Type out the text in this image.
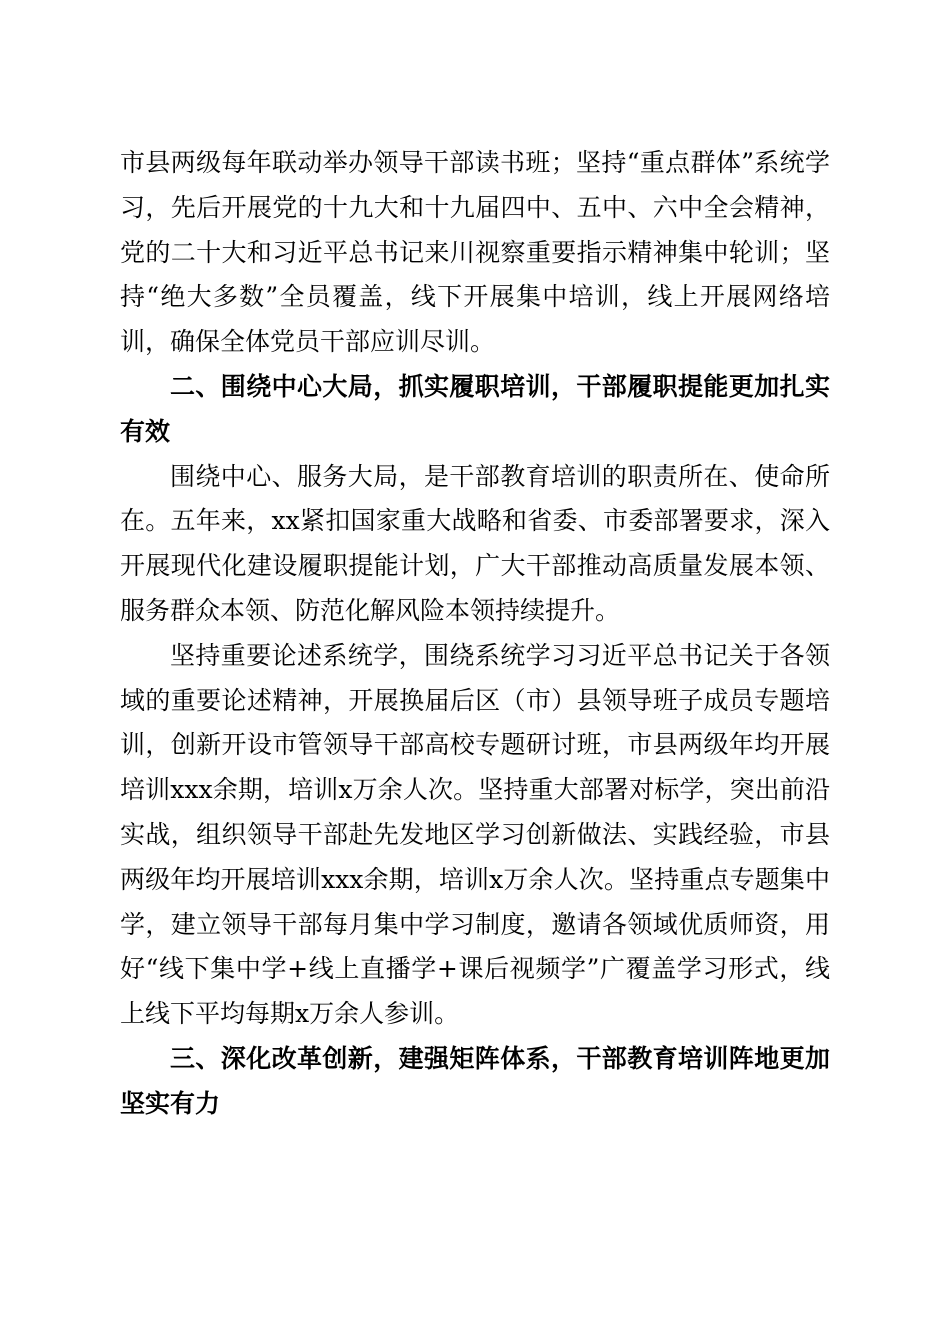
市县两级每年联动举办领导干部读书班；坚持“重点群体”系统学习，先后开展党的十九大和十九届四中、五中、六中全会精神，党的二十大和习近平总书记来川视察重要指示精神集中轮训；坚持“绝大多数”全员覆盖，线下开展集中培训，线上开展网络培训，确保全体党员干部应训尽训。

二、围绕中心大局，抓实履职培训，干部履职提能更加扎实有效

围绕中心、服务大局，是干部教育培训的职责所在、使命所在。五年来，xx紧扣国家重大战略和省委、市委部署要求，深入开展现代化建设履职提能计划，广大干部推动高质量发展本领、服务群众本领、防范化解风险本领持续提升。

坚持重要论述系统学，围绕系统学习习近平总书记关于各领域的重要论述精神，开展换届后区（市）县领导班子成员专题培训，创新开设市管领导干部高校专题研讨班，市县两级年均开展培训xxx余期，培训x万余人次。坚持重大部署对标学，突出前沿实战，组织领导干部赴先发地区学习创新做法、实践经验，市县两级年均开展培训xxx余期，培训x万余人次。坚持重点专题集中学，建立领导干部每月集中学习制度，邀请各领域优质师资，用好“线下集中学+线上直播学+课后视频学”广覆盖学习形式，线上线下平均每期x万余人参训。

三、深化改革创新，建强矩阵体系，干部教育培训阵地更加坚实有力
